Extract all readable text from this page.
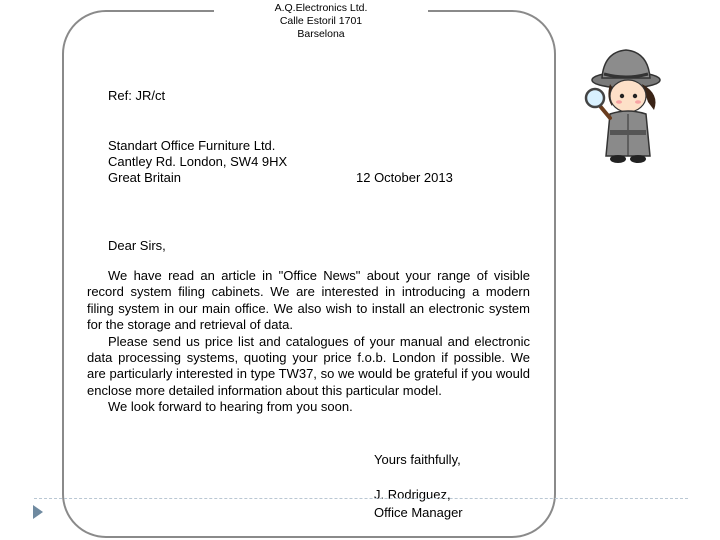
A.Q.Electronics Ltd.
Calle Estoril 1701
Barselona
Ref: JR/ct
Standart Office Furniture Ltd.
Cantley Rd. London, SW4 9HX
Great Britain	12 October 2013
Dear Sirs,

We have read an article in "Office News" about your range of visible record system filing cabinets. We are interested in introducing a modern filing system in our main office. We also wish to install an electronic system for the storage and retrieval of data.

Please send us price list and catalogues of your manual and electronic data processing systems, quoting your price f.o.b. London if possible. We are particularly interested in type TW37, so we would be grateful if you would enclose more detailed information about this particular model.

We look forward to hearing from you soon.

Yours faithfully,
J. Rodriguez,
Office Manager
